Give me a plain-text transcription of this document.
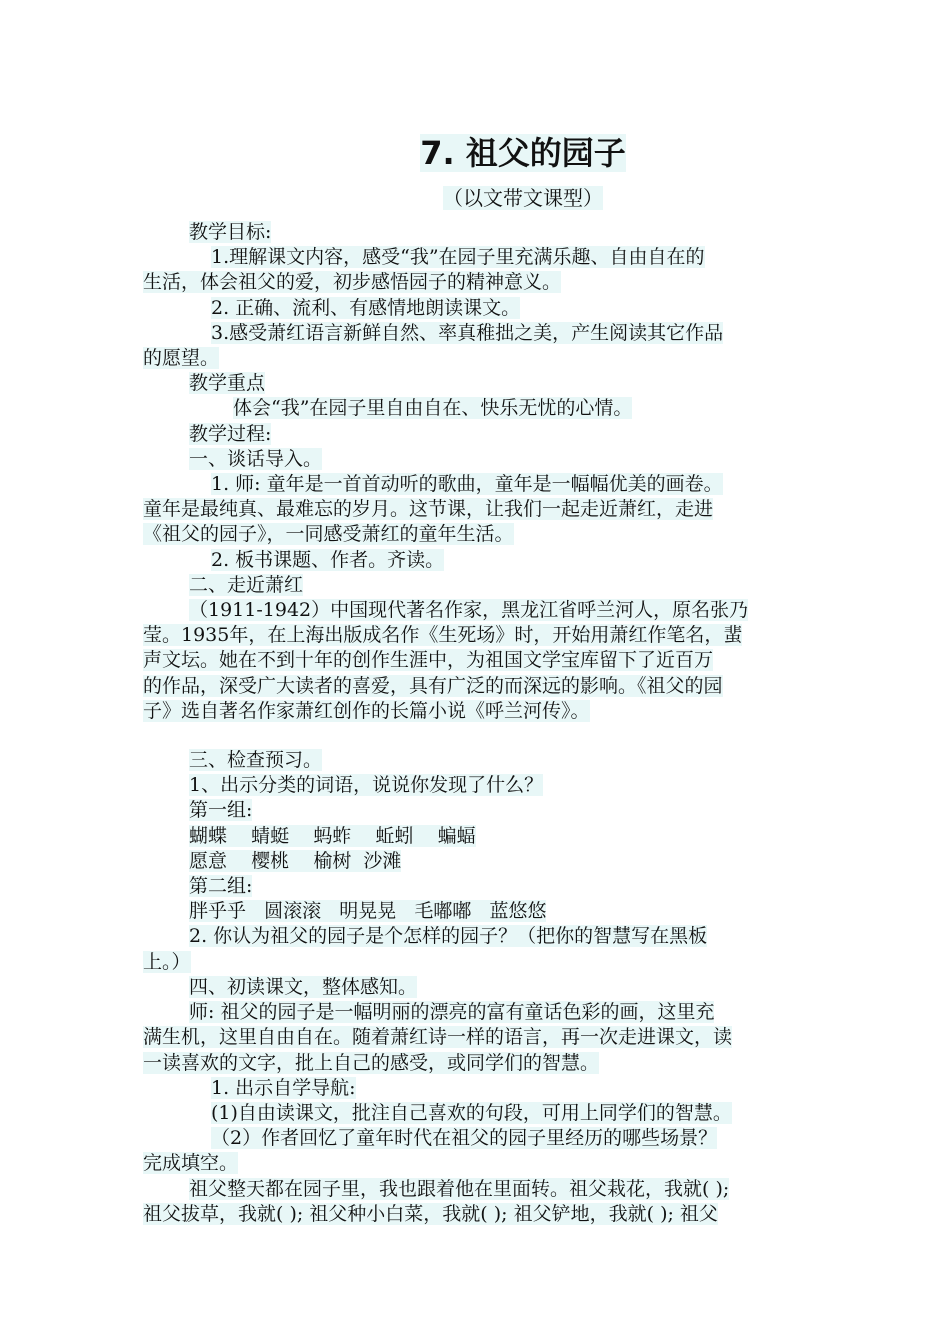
7. 祖父的园子
（以文带文课型）
教学目标:
1.理解课文内容，感受“我”在园子里充满乐趣、自由自在的
生活，体会祖父的爱，初步感悟园子的精神意义。
2. 正确、流利、有感情地朗读课文。
3.感受萧红语言新鲜自然、率真稚拙之美，产生阅读其它作品
的愿望。
教学重点
体会“我”在园子里自由自在、快乐无忧的心情。
教学过程:
一、谈话导入。
1. 师: 童年是一首首动听的歌曲，童年是一幅幅优美的画卷。
童年是最纯真、最难忘的岁月。这节课，让我们一起走近萧红，走进
《祖父的园子》，一同感受萧红的童年生活。
2. 板书课题、作者。齐读。
二、走近萧红
（1911-1942）中国现代著名作家，黑龙江省呼兰河人，原名张乃
莹。1935年，在上海出版成名作《生死场》时，开始用萧红作笔名，蜚
声文坛。她在不到十年的创作生涯中，为祖国文学宝库留下了近百万
的作品，深受广大读者的喜爱，具有广泛的而深远的影响。《祖父的园
子》选自著名作家萧红创作的长篇小说《呼兰河传》。
三、检查预习。
1、出示分类的词语，说说你发现了什么？
第一组:
蝴蝶    蜻蜓    蚂蚱    蚯蚓    蝙蝠
愿意    樱桃    榆树  沙滩
第二组:
胖乎乎   圆滚滚   明晃晃   毛嘟嘟   蓝悠悠
2. 你认为祖父的园子是个怎样的园子？（把你的智慧写在黑板
上。）
四、初读课文，整体感知。
师: 祖父的园子是一幅明丽的漂亮的富有童话色彩的画，这里充
满生机，这里自由自在。随着萧红诗一样的语言，再一次走进课文，读
一读喜欢的文字，批上自己的感受，或同学们的智慧。
1. 出示自学导航:
(1)自由读课文，批注自己喜欢的句段，可用上同学们的智慧。
（2）作者回忆了童年时代在祖父的园子里经历的哪些场景？
完成填空。
祖父整天都在园子里，我也跟着他在里面转。祖父栽花，我就( );
祖父拔草，我就( ); 祖父种小白菜，我就( ); 祖父铲地，我就( ); 祖父
